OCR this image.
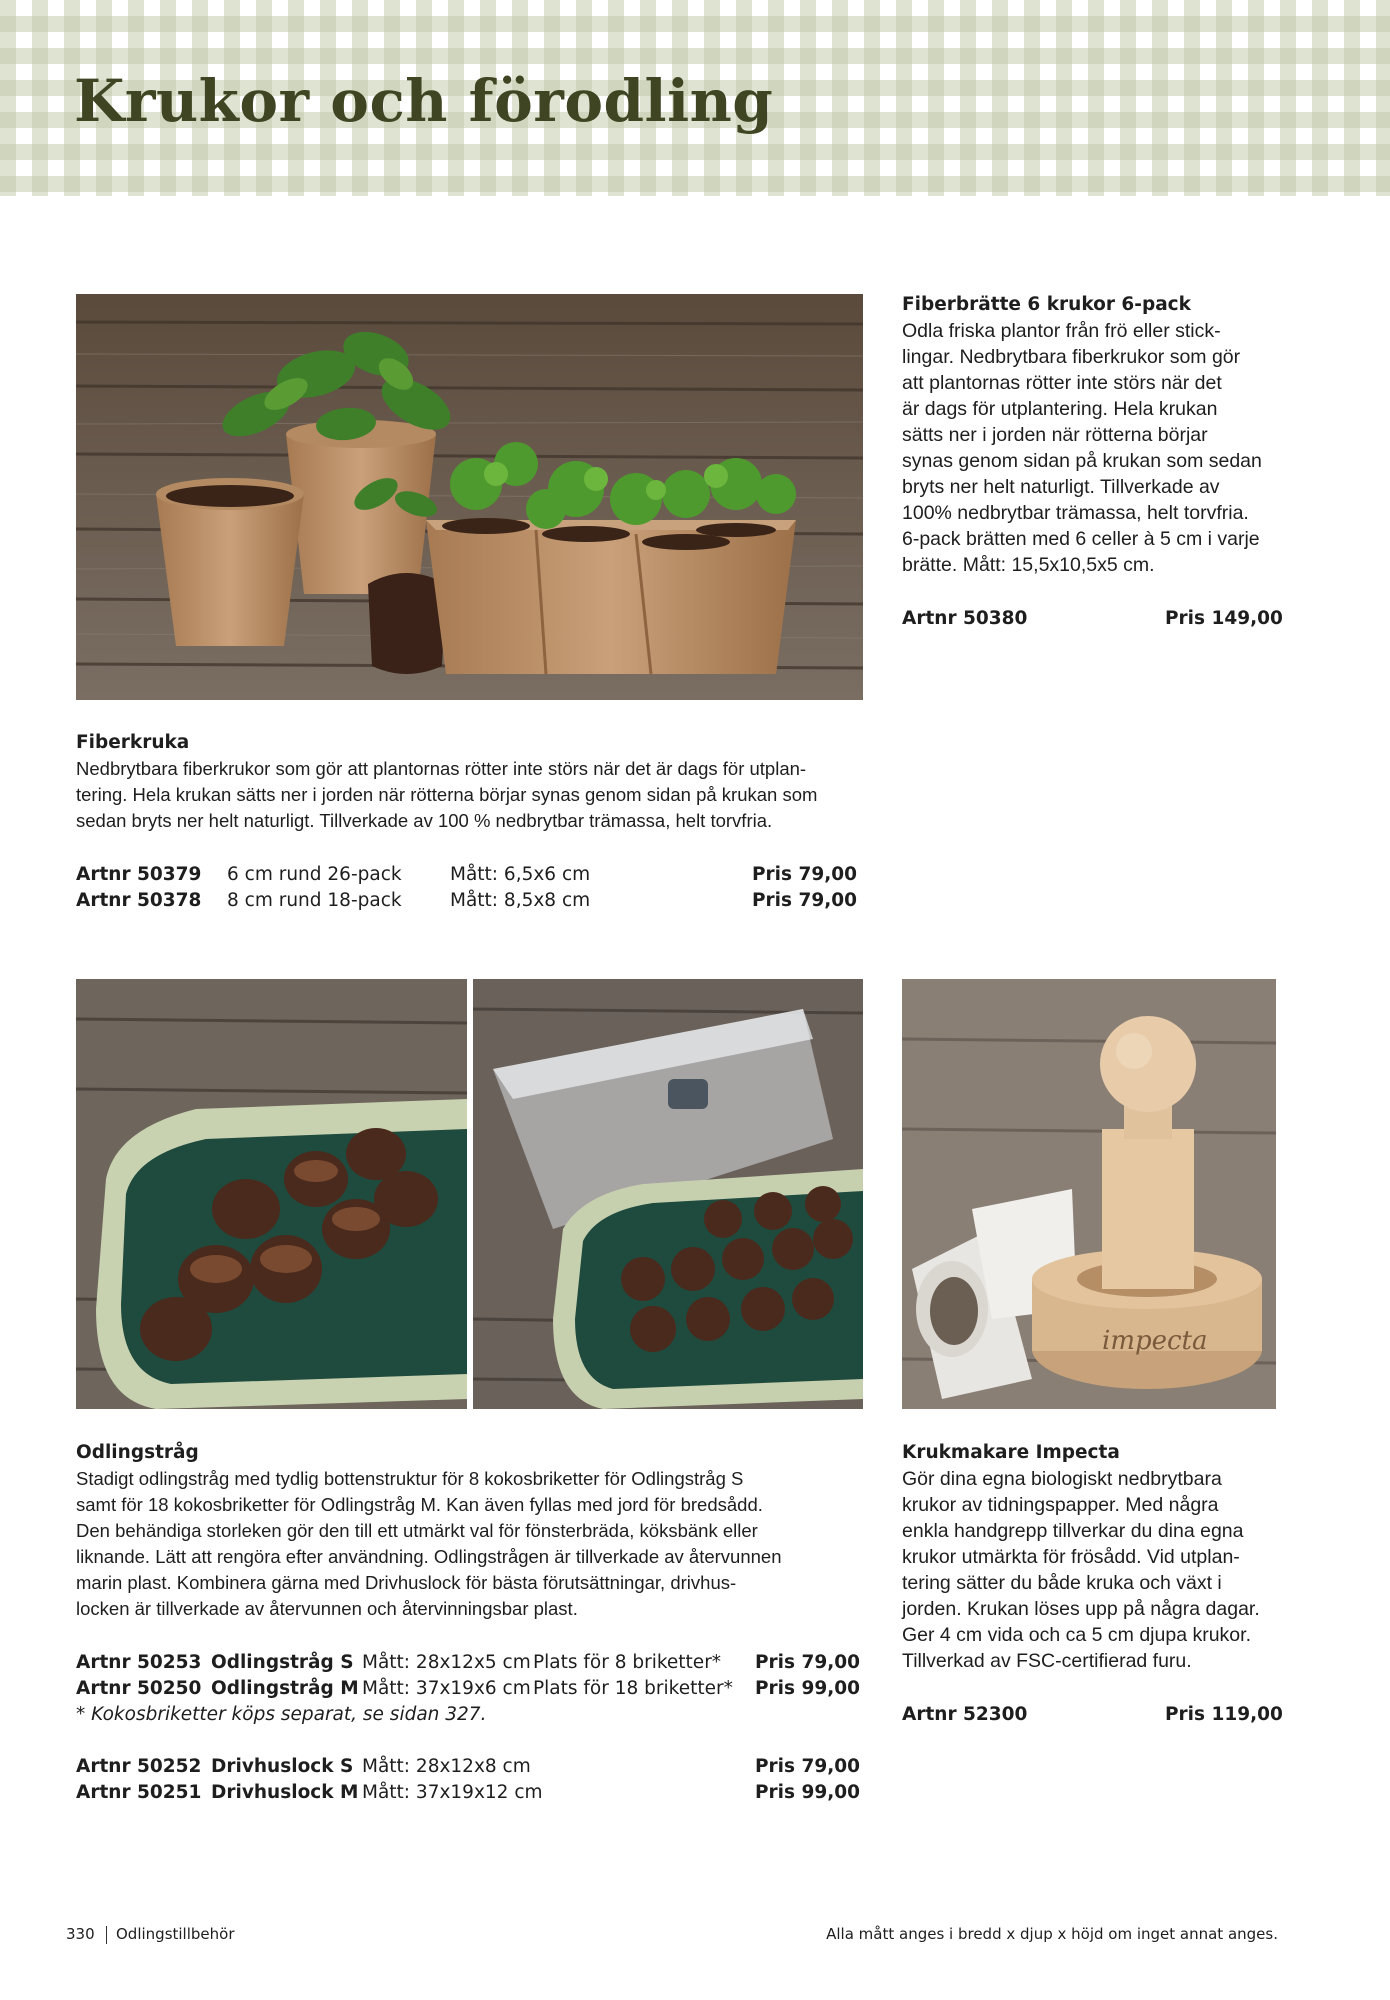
Krukor och förodling
Fiberbrätte 6 krukor 6-pack
Odla friska plantor från frö eller stick-
lingar. Nedbrytbara fiberkrukor som gör
att plantornas rötter inte störs när det
är dags för utplantering. Hela krukan
sätts ner i jorden när rötterna börjar
synas genom sidan på krukan som sedan
bryts ner helt naturligt. Tillverkade av
100% nedbrytbar trämassa, helt torvfria.
6-pack brätten med 6 celler à 5 cm i varje
brätte. Mått: 15,5x10,5x5 cm.
Artnr 50380	Pris 149,00
Fiberkruka
Nedbrytbara fiberkrukor som gör att plantornas rötter inte störs när det är dags för utplan-
tering. Hela krukan sätts ner i jorden när rötterna börjar synas genom sidan på krukan som
sedan bryts ner helt naturligt. Tillverkade av 100 % nedbrytbar trämassa, helt torvfria.
Artnr 50379 6 cm rund 26-pack	Mått: 6,5x6 cm	Pris 79,00
Artnr 50378 8 cm rund 18-pack	Mått: 8,5x8 cm	Pris 79,00
impecta
Odlingstråg
Stadigt odlingstråg med tydlig bottenstruktur för 8 kokosbriketter för Odlingstråg S
samt för 18 kokosbriketter för Odlingstråg M. Kan även fyllas med jord för bredsådd.
Den behändiga storleken gör den till ett utmärkt val för fönsterbräda, köksbänk eller
liknande. Lätt att rengöra efter användning. Odlingstrågen är tillverkade av återvunnen
marin plast. Kombinera gärna med Drivhuslock för bästa förutsättningar, drivhus-
locken är tillverkade av återvunnen och återvinningsbar plast.
Artnr 50253 Odlingstråg S Mått: 28x12x5 cm Plats för 8 briketter* Pris 79,00
Artnr 50250 Odlingstråg M Mått: 37x19x6 cm Plats för 18 briketter* Pris 99,00
* Kokosbriketter köps separat, se sidan 327.
Artnr 50252 Drivhuslock S Mått: 28x12x8 cm	Pris 79,00
Artnr 50251 Drivhuslock M Mått: 37x19x12 cm	Pris 99,00
Krukmakare Impecta
Gör dina egna biologiskt nedbrytbara
krukor av tidningspapper. Med några
enkla handgrepp tillverkar du dina egna
krukor utmärkta för frösådd. Vid utplan-
tering sätter du både kruka och växt i
jorden. Krukan löses upp på några dagar.
Ger 4 cm vida och ca 5 cm djupa krukor.
Tillverkad av FSC-certifierad furu.
Artnr 52300	Pris 119,00
330 Odlingstillbehör	Alla mått anges i bredd x djup x höjd om inget annat anges.
